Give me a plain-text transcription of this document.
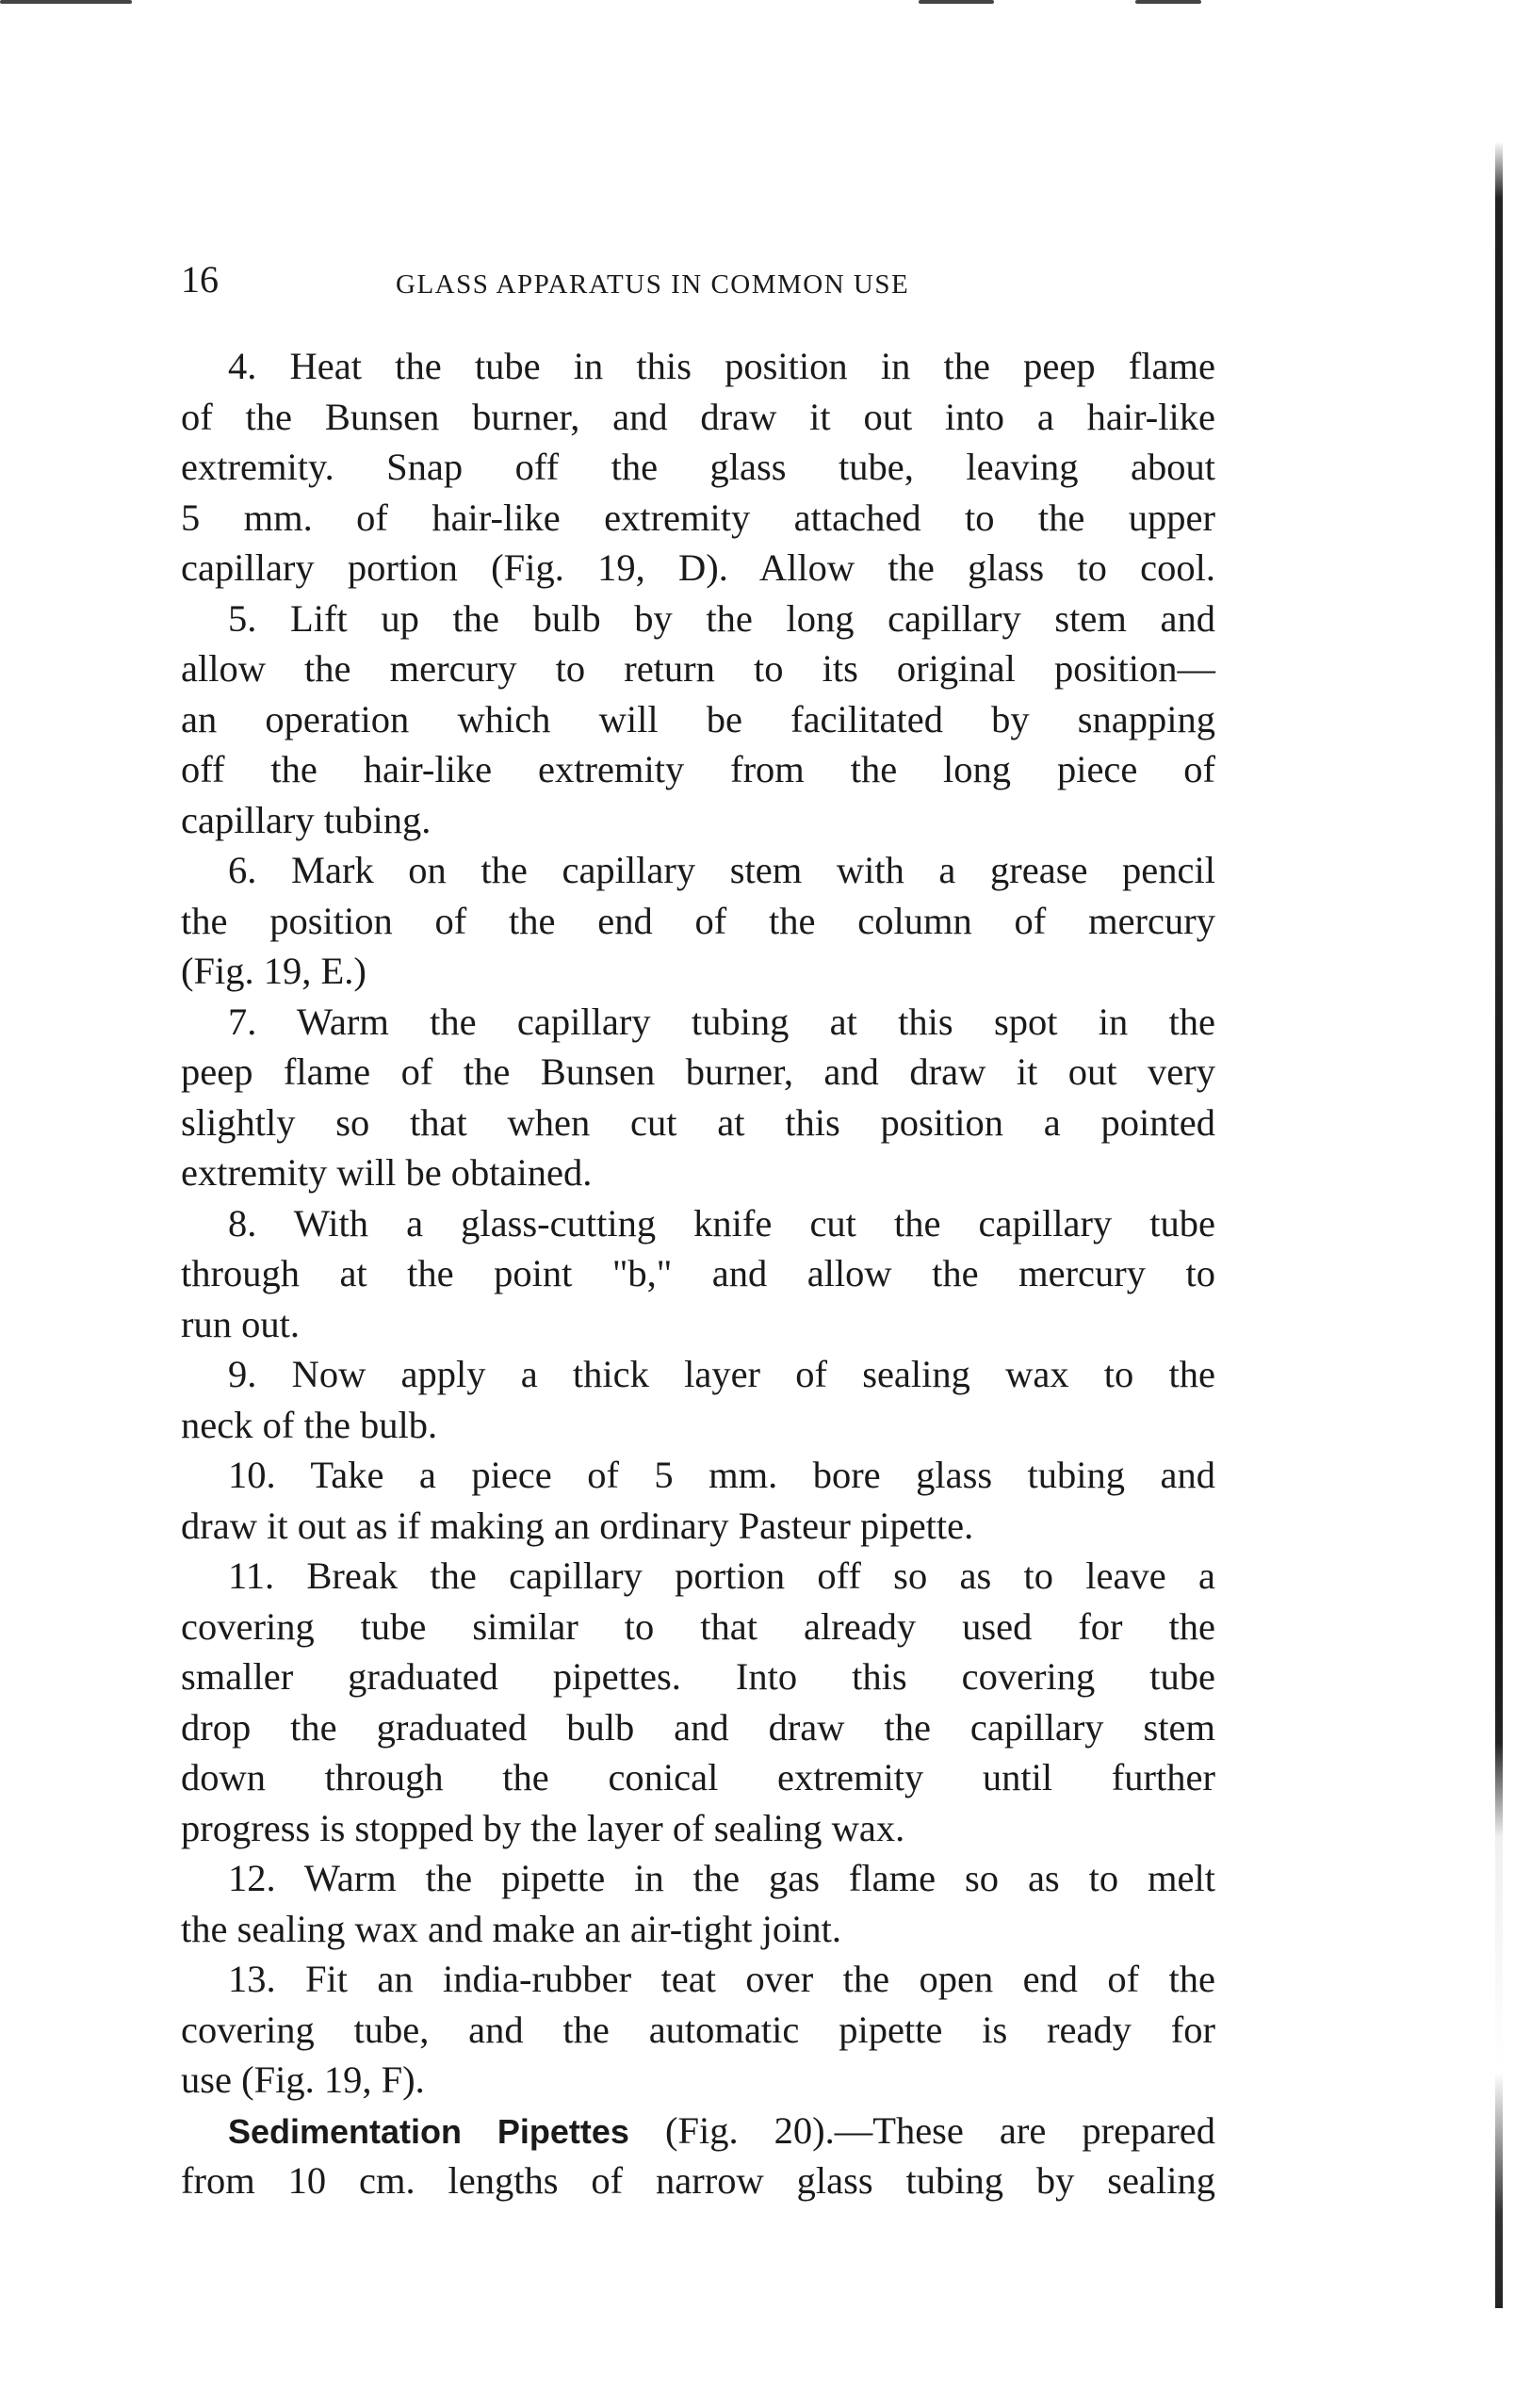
16	GLASS APPARATUS IN COMMON USE
4. Heat the tube in this position in the peep flame
of the Bunsen burner, and draw it out into a hair-like
extremity. Snap off the glass tube, leaving about
5 mm. of hair-like extremity attached to the upper
capillary portion (Fig. 19, D). Allow the glass to cool.
5. Lift up the bulb by the long capillary stem and
allow the mercury to return to its original position—
an operation which will be facilitated by snapping
off the hair-like extremity from the long piece of
capillary tubing.
6. Mark on the capillary stem with a grease pencil
the position of the end of the column of mercury
(Fig. 19, E.)
7. Warm the capillary tubing at this spot in the
peep flame of the Bunsen burner, and draw it out very
slightly so that when cut at this position a pointed
extremity will be obtained.
8. With a glass-cutting knife cut the capillary tube
through at the point "b," and allow the mercury to
run out.
9. Now apply a thick layer of sealing wax to the
neck of the bulb.
10. Take a piece of 5 mm. bore glass tubing and
draw it out as if making an ordinary Pasteur pipette.
11. Break the capillary portion off so as to leave a
covering tube similar to that already used for the
smaller graduated pipettes. Into this covering tube
drop the graduated bulb and draw the capillary stem
down through the conical extremity until further
progress is stopped by the layer of sealing wax.
12. Warm the pipette in the gas flame so as to melt
the sealing wax and make an air-tight joint.
13. Fit an india-rubber teat over the open end of the
covering tube, and the automatic pipette is ready for
use (Fig. 19, F).
Sedimentation Pipettes (Fig. 20).—These are prepared
from 10 cm. lengths of narrow glass tubing by sealing
